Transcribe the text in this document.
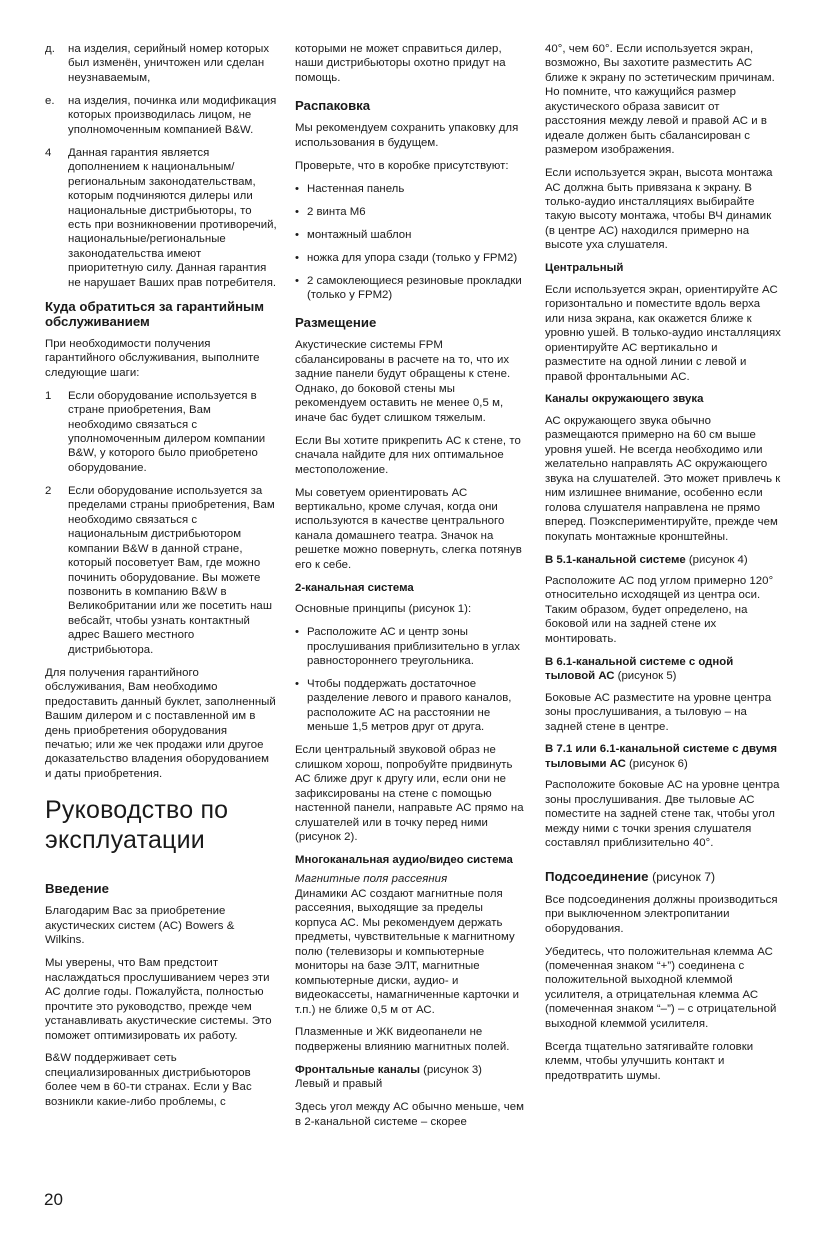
д. на изделия, серийный номер которых был изменён, уничтожен или сделан неузнаваемым,
е. на изделия, починка или модификация которых производилась лицом, не уполномоченным компанией B&W.
4 Данная гарантия является дополнением к национальным/региональным законодательствам, которым подчиняются дилеры или национальные дистрибьюторы, то есть при возникновении противоречий, национальные/региональные законодательства имеют приоритетную силу. Данная гарантия не нарушает Ваших прав потребителя.
Куда обратиться за гарантийным обслуживанием

При необходимости получения гарантийного обслуживания, выполните следующие шаги:

1 Если оборудование используется в стране приобретения, Вам необходимо связаться с уполномоченным дилером компании B&W, у которого было приобретено оборудование.
2 Если оборудование используется за пределами страны приобретения, Вам необходимо связаться с национальным дистрибьютором компании B&W в данной стране, который посоветует Вам, где можно починить оборудование. Вы можете позвонить в компанию B&W в Великобритании или же посетить наш вебсайт, чтобы узнать контактный адрес Вашего местного дистрибьютора.

Для получения гарантийного обслуживания, Вам необходимо предоставить данный буклет, заполненный Вашим дилером и с поставленной им в день приобретения оборудования печатью; или же чек продажи или другое доказательство владения оборудованием и даты приобретения.

Руководство по эксплуатации
Введение

Благодарим Вас за приобретение акустических систем (АС) Bowers & Wilkins.

Мы уверены, что Вам предстоит наслаждаться прослушиванием через эти АС долгие годы. Пожалуйста, полностью прочтите это руководство, прежде чем устанавливать акустические системы. Это поможет оптимизировать их работу.

B&W поддерживает сеть специализированных дистрибьюторов более чем в 60-ти странах. Если у Вас возникли какие-либо проблемы, с

которыми не может справиться дилер, наши дистрибьюторы охотно придут на помощь.

Распаковка

Мы рекомендуем сохранить упаковку для использования в будущем.

Проверьте, что в коробке присутствуют:

• Настенная панель
• 2 винта М6
• монтажный шаблон
• ножка для упора сзади (только у FPM2)
• 2 самоклеющиеся резиновые прокладки (только у FPM2)
Размещение

Акустические системы FPM сбалансированы в расчете на то, что их задние панели будут обращены к стене. Однако, до боковой стены мы рекомендуем оставить не менее 0,5 м, иначе бас будет слишком тяжелым.

Если Вы хотите прикрепить АС к стене, то сначала найдите для них оптимальное местоположение.

Мы советуем ориентировать АС вертикально, кроме случая, когда они используются в качестве центрального канала домашнего театра. Значок на решетке можно повернуть, слегка потянув его к себе.

2-канальная система

Основные принципы (рисунок 1):

• Расположите АС и центр зоны прослушивания приблизительно в углах равностороннего треугольника.
• Чтобы поддержать достаточное разделение левого и правого каналов, расположите АС на расстоянии не меньше 1,5 метров друг от друга.

Если центральный звуковой образ не слишком хорош, попробуйте придвинуть АС ближе друг к другу или, если они не зафиксированы на стене с помощью настенной панели, направьте АС прямо на слушателей или в точку перед ними (рисунок 2).

Многоканальная аудио/видео система

Магнитные поля рассеяния
Динамики АС создают магнитные поля рассеяния, выходящие за пределы корпуса АС. Мы рекомендуем держать предметы, чувствительные к магнитному полю (телевизоры и компьютерные мониторы на базе ЭЛТ, магнитные компьютерные диски, аудио- и видеокассеты, намагниченные карточки и т.п.) не ближе 0,5 м от АС.

Плазменные и ЖК видеопанели не подвержены влиянию магнитных полей.

Фронтальные каналы (рисунок 3)

Левый и правый

Здесь угол между АС обычно меньше, чем в 2-канальной системе – скорее

40°, чем 60°. Если используется экран, возможно, Вы захотите разместить АС ближе к экрану по эстетическим причинам. Но помните, что кажущийся размер акустического образа зависит от расстояния между левой и правой АС и в идеале должен быть сбалансирован с размером изображения.

Если используется экран, высота монтажа АС должна быть привязана к экрану. В только-аудио инсталляциях выбирайте такую высоту монтажа, чтобы ВЧ динамик (в центре АС) находился примерно на высоте уха слушателя.

Центральный

Если используется экран, ориентируйте АС горизонтально и поместите вдоль верха или низа экрана, как окажется ближе к уровню ушей. В только-аудио инсталляциях ориентируйте АС вертикально и разместите на одной линии с левой и правой фронтальными АС.

Каналы окружающего звука

АС окружающего звука обычно размещаются примерно на 60 см выше уровня ушей. Не всегда необходимо или желательно направлять АС окружающего звука на слушателей. Это может привлечь к ним излишнее внимание, особенно если голова слушателя направлена не прямо вперед. Поэкспериментируйте, прежде чем покупать монтажные кронштейны.

В 5.1-канальной системе (рисунок 4)

Расположите АС под углом примерно 120° относительно исходящей из центра оси. Таким образом, будет определено, на боковой или на задней стене их монтировать.

В 6.1-канальной системе с одной тыловой АС (рисунок 5)

Боковые АС разместите на уровне центра зоны прослушивания, а тыловую – на задней стене в центре.

В 7.1 или 6.1-канальной системе с двумя тыловыми АС (рисунок 6)

Расположите боковые АС на уровне центра зоны прослушивания. Две тыловые АС поместите на задней стене так, чтобы угол между ними с точки зрения слушателя составлял приблизительно 40°.

Подсоединение (рисунок 7)

Все подсоединения должны производиться при выключенном электропитании оборудования.

Убедитесь, что положительная клемма АС (помеченная знаком “+”) соединена с положительной выходной клеммой усилителя, а отрицательная клемма АС (помеченная знаком “–”) – с отрицательной выходной клеммой усилителя.

Всегда тщательно затягивайте головки клемм, чтобы улучшить контакт и предотвратить шумы.

20
